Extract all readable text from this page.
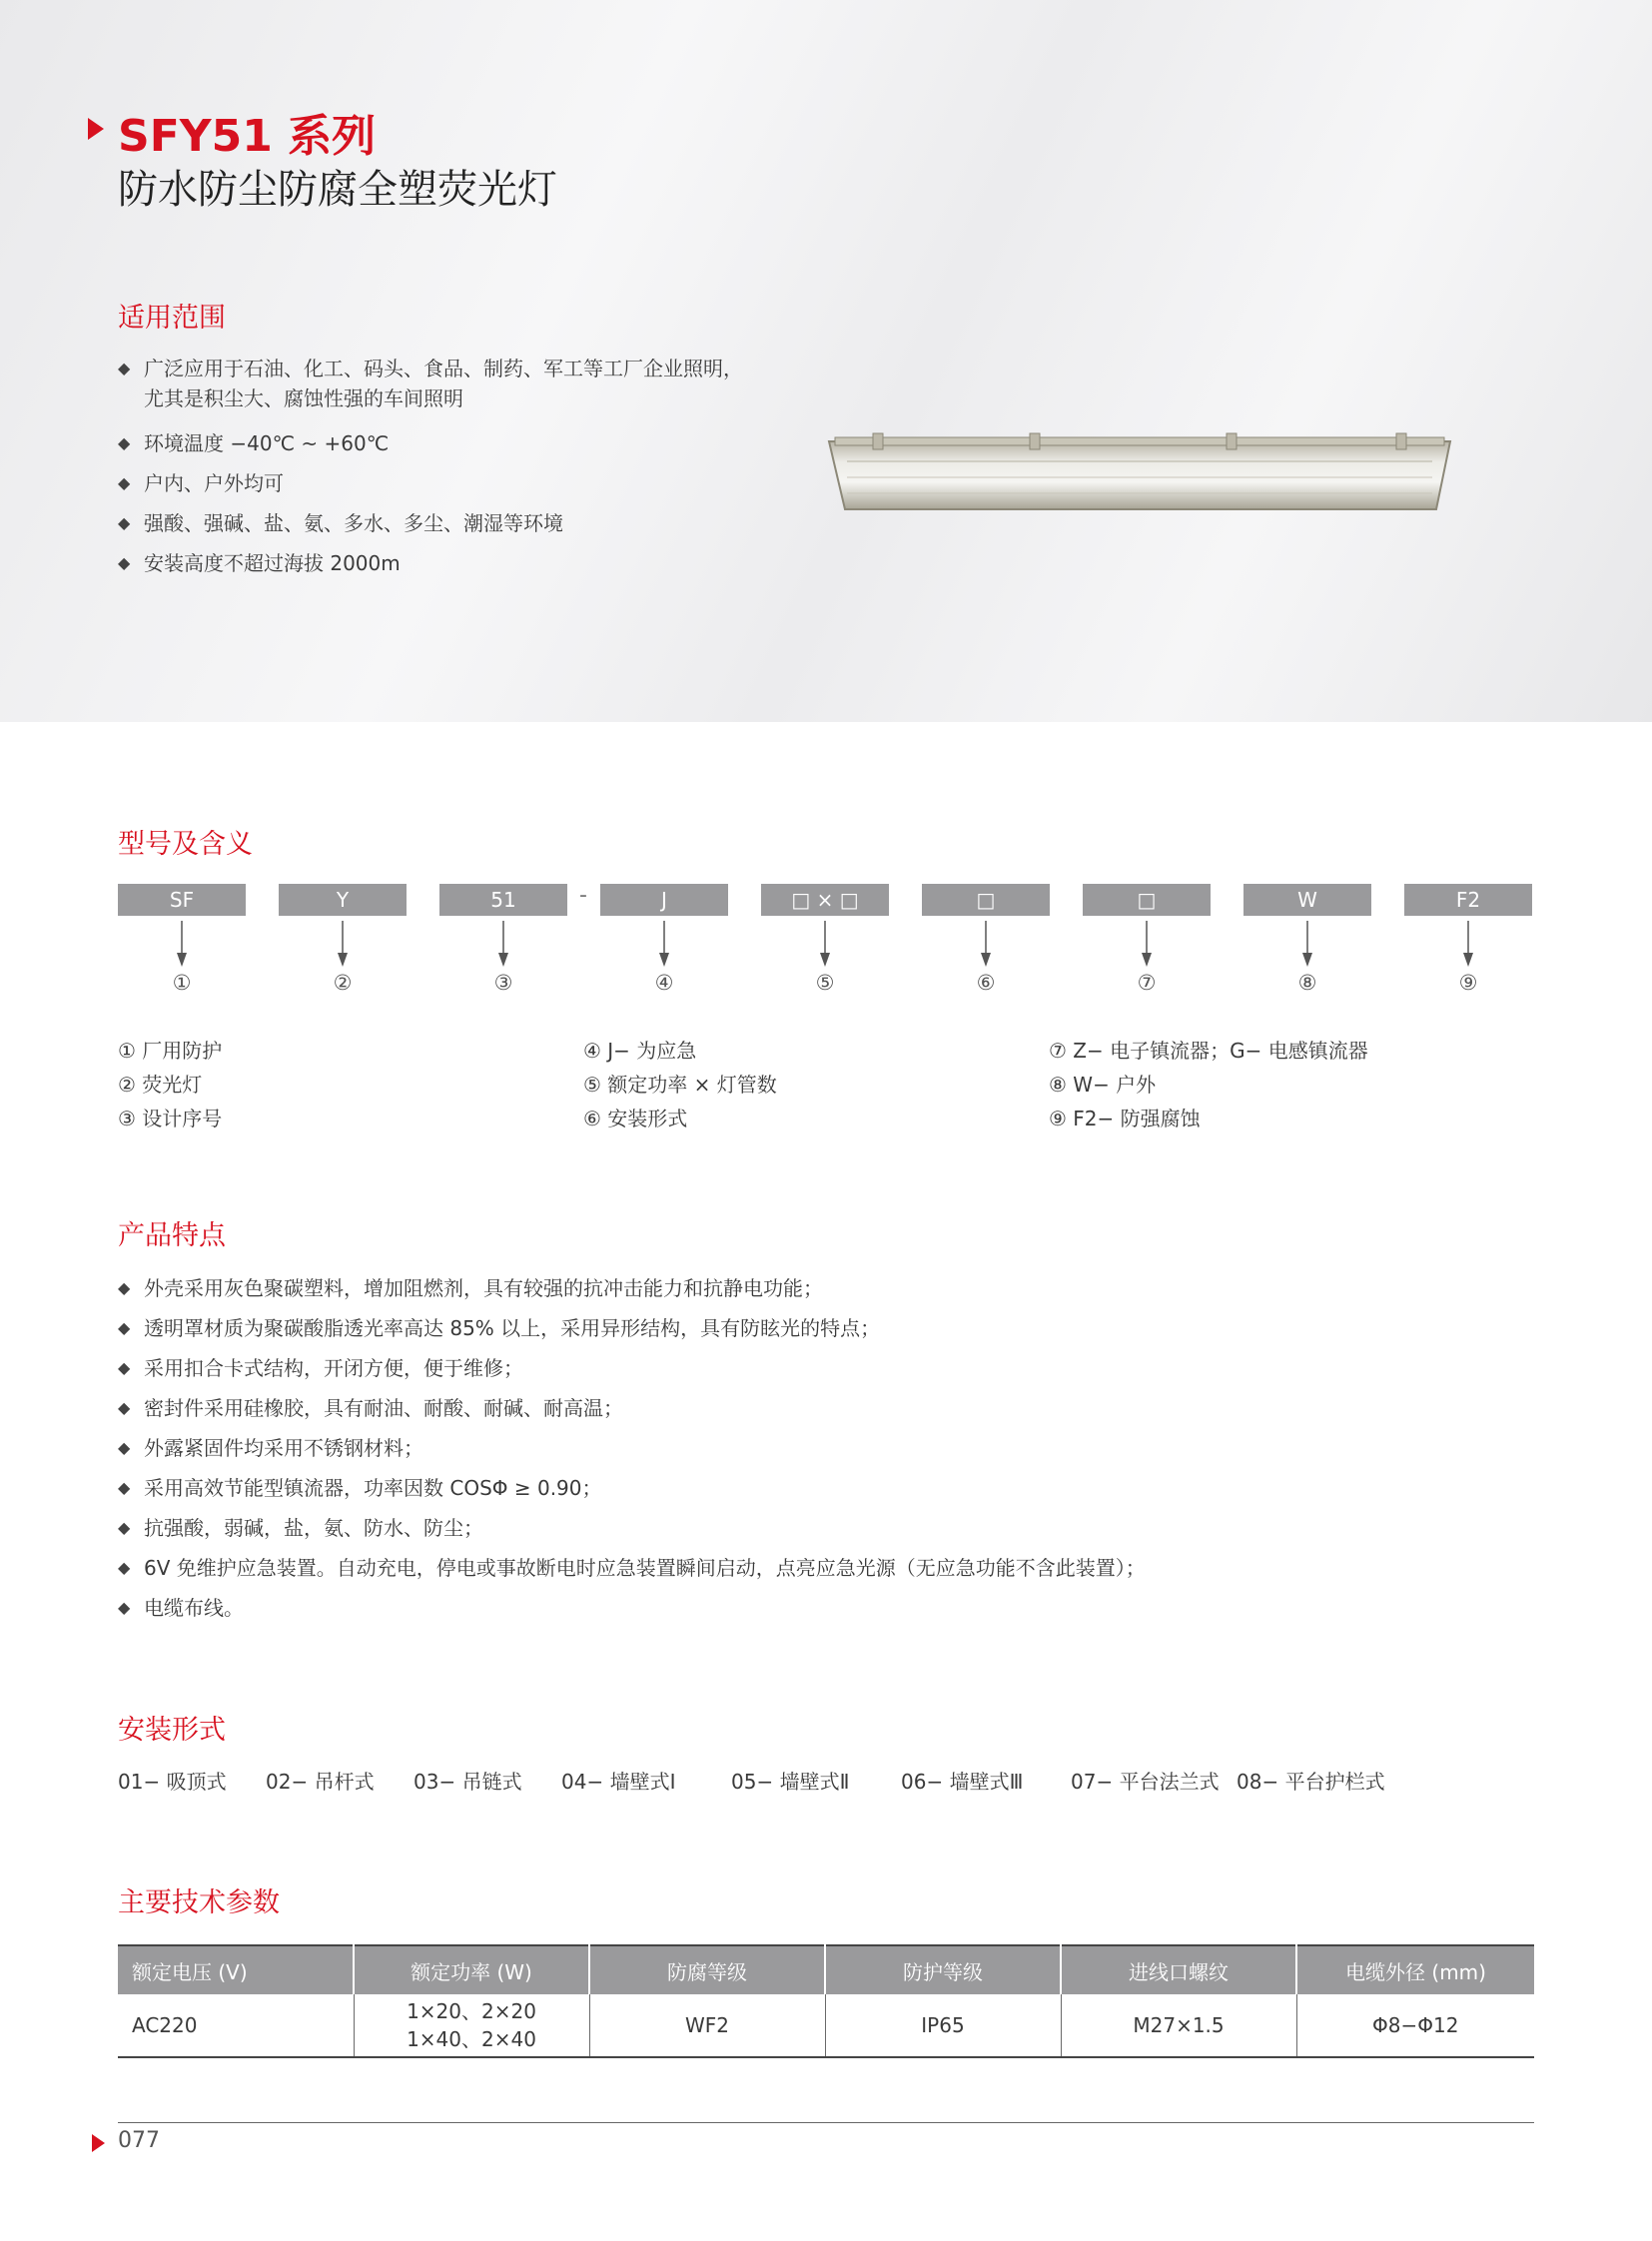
SFY51 系列
防水防尘防腐全塑荧光灯
适用范围
◆ 广泛应用于石油、化工、码头、食品、制药、军工等工厂企业照明，
尤其是积尘大、腐蚀性强的车间照明
◆ 环境温度 −40℃ ~ +60℃
◆ 户内、户外均可
◆ 强酸、强碱、盐、氨、多水、多尘、潮湿等环境
◆ 安装高度不超过海拔 2000m
型号及含义
SF	Y	51	-	J	□ × □	□	□	W	F2
①	②	③	④	⑤	⑥	⑦	⑧	⑨
① 厂用防护
② 荧光灯
③ 设计序号
④ J− 为应急
⑤ 额定功率 × 灯管数
⑥ 安装形式
⑦ Z− 电子镇流器；G− 电感镇流器
⑧ W− 户外
⑨ F2− 防强腐蚀
产品特点
◆ 外壳采用灰色聚碳塑料，增加阻燃剂，具有较强的抗冲击能力和抗静电功能；
◆ 透明罩材质为聚碳酸脂透光率高达 85% 以上，采用异形结构，具有防眩光的特点；
◆ 采用扣合卡式结构，开闭方便，便于维修；
◆ 密封件采用硅橡胶，具有耐油、耐酸、耐碱、耐高温；
◆ 外露紧固件均采用不锈钢材料；
◆ 采用高效节能型镇流器，功率因数 COSΦ ≥ 0.90；
◆ 抗强酸，弱碱，盐，氨、防水、防尘；
◆ 6V 免维护应急装置。自动充电，停电或事故断电时应急装置瞬间启动，点亮应急光源（无应急功能不含此装置）；
◆ 电缆布线。
安装形式
01− 吸顶式 02− 吊杆式 03− 吊链式 04− 墙壁式Ⅰ	05− 墙壁式Ⅱ	06− 墙壁式Ⅲ 07− 平台法兰式 08− 平台护栏式
主要技术参数
额定电压 (V)	额定功率 (W)	防腐等级	防护等级	进线口螺纹	电缆外径 (mm)
AC220	1×20、2×20
1×40、2×40	WF2	IP65	M27×1.5	Φ8−Φ12
077
